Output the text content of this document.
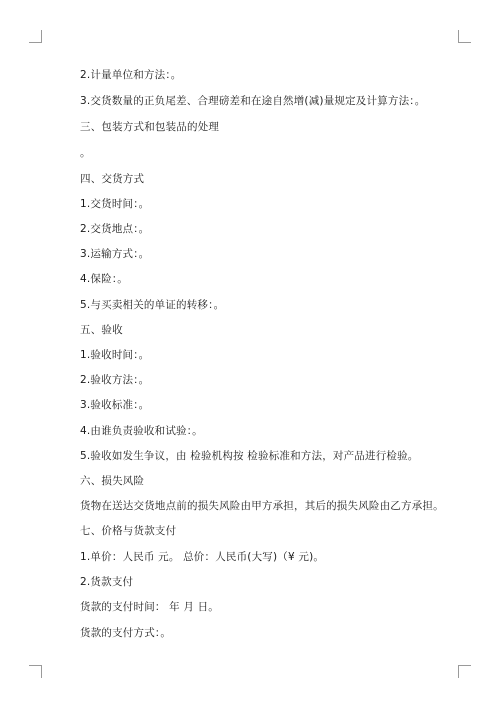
2.计量单位和方法：。
3.交货数量的正负尾差、合理磅差和在途自然增(减)量规定及计算方法：。
三、包装方式和包装品的处理
。
四、交货方式
1.交货时间：。
2.交货地点：。
3.运输方式：。
4.保险：。
5.与买卖相关的单证的转移：。
五、验收
1.验收时间：。
2.验收方法：。
3.验收标准：。
4.由谁负责验收和试验：。
5.验收如发生争议，由 检验机构按 检验标准和方法，对产品进行检验。
六、损失风险
货物在送达交货地点前的损失风险由甲方承担，其后的损失风险由乙方承担。
七、价格与货款支付
1.单价：人民币 元。 总价：人民币(大写)（¥ 元)。
2.货款支付
货款的支付时间： 年 月 日。
货款的支付方式：。
